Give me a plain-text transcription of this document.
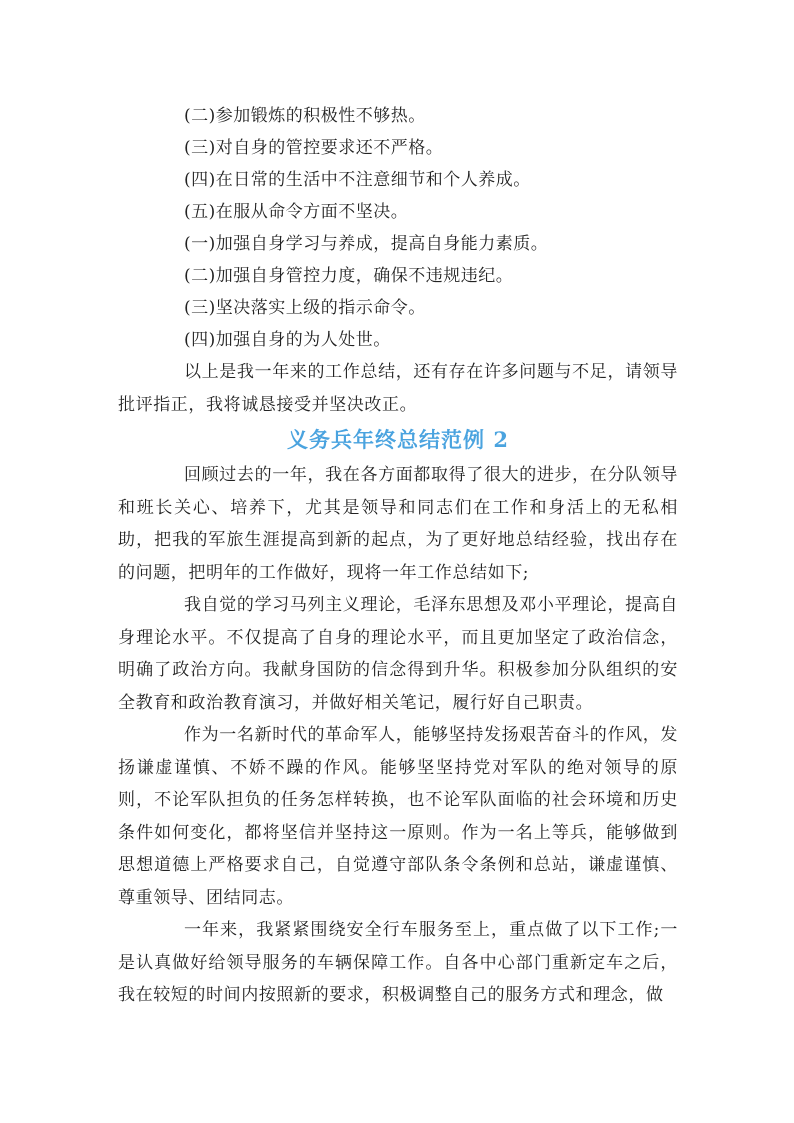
(二)参加锻炼的积极性不够热。
(三)对自身的管控要求还不严格。
(四)在日常的生活中不注意细节和个人养成。
(五)在服从命令方面不坚决。
(一)加强自身学习与养成，提高自身能力素质。
(二)加强自身管控力度，确保不违规违纪。
(三)坚决落实上级的指示命令。
(四)加强自身的为人处世。

以上是我一年来的工作总结，还有存在许多问题与不足，请领导批评指正，我将诚恳接受并坚决改正。

义务兵年终总结范例 2

回顾过去的一年，我在各方面都取得了很大的进步，在分队领导和班长关心、培养下，尤其是领导和同志们在工作和身活上的无私相助，把我的军旅生涯提高到新的起点，为了更好地总结经验，找出存在的问题，把明年的工作做好，现将一年工作总结如下;

我自觉的学习马列主义理论，毛泽东思想及邓小平理论，提高自身理论水平。不仅提高了自身的理论水平，而且更加坚定了政治信念，明确了政治方向。我献身国防的信念得到升华。积极参加分队组织的安全教育和政治教育演习，并做好相关笔记，履行好自己职责。

作为一名新时代的革命军人，能够坚持发扬艰苦奋斗的作风，发扬谦虚谨慎、不娇不躁的作风。能够坚坚持党对军队的绝对领导的原则，不论军队担负的任务怎样转换，也不论军队面临的社会环境和历史条件如何变化，都将坚信并坚持这一原则。作为一名上等兵，能够做到思想道德上严格要求自己，自觉遵守部队条令条例和总站，谦虚谨慎、尊重领导、团结同志。

一年来，我紧紧围绕安全行车服务至上，重点做了以下工作;一是认真做好给领导服务的车辆保障工作。自各中心部门重新定车之后，我在较短的时间内按照新的要求，积极调整自己的服务方式和理念，做
